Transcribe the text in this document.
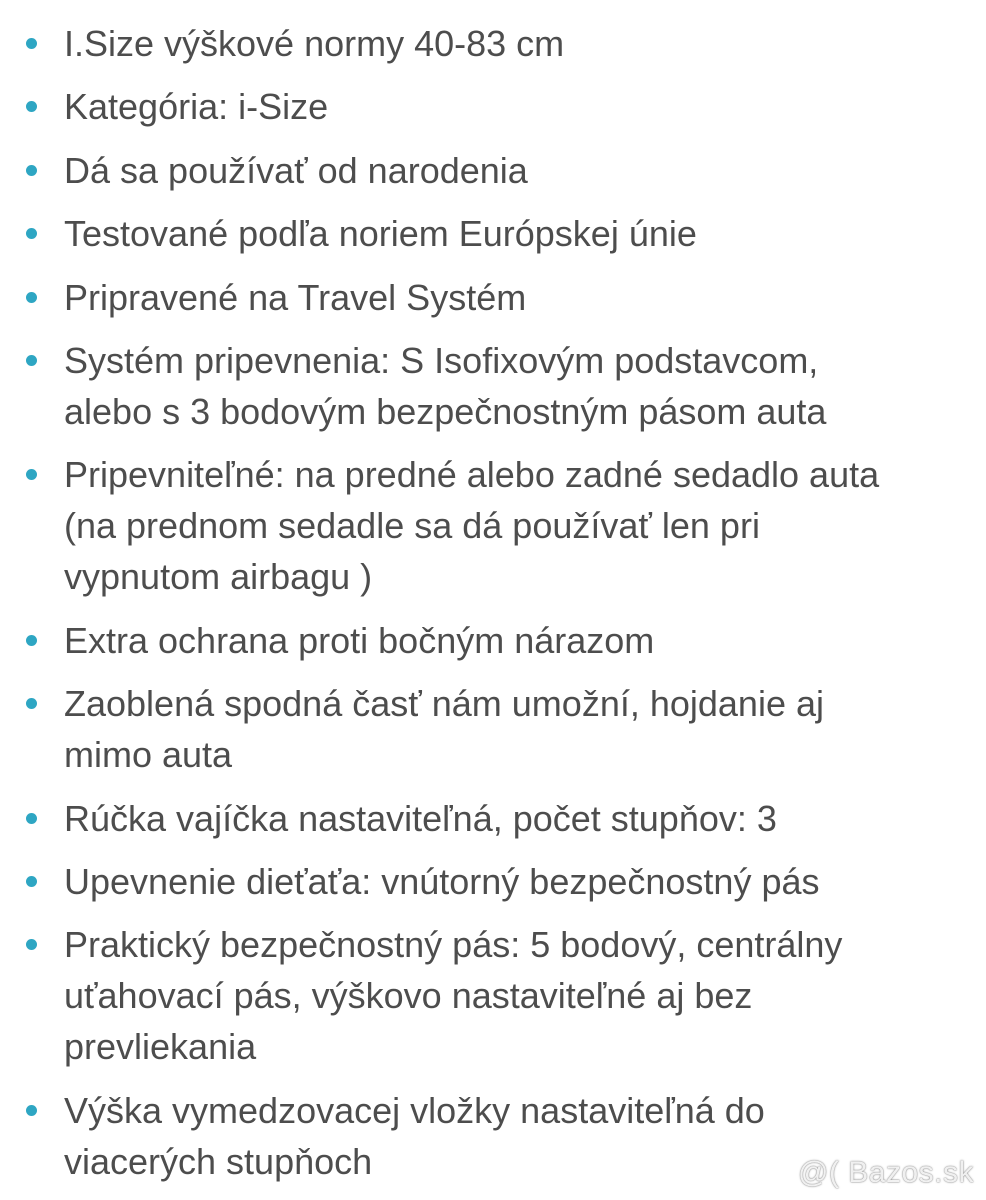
I.Size výškové normy 40-83 cm
Kategória: i-Size
Dá sa používať od narodenia
Testované podľa noriem Európskej únie
Pripravené na Travel Systém
Systém pripevnenia: S Isofixovým podstavcom,
alebo s 3 bodovým bezpečnostným pásom auta
Pripevniteľné: na predné alebo zadné sedadlo auta
(na prednom sedadle sa dá používať len pri
vypnutom airbagu )
Extra ochrana proti bočným nárazom
Zaoblená spodná časť nám umožní, hojdanie aj
mimo auta
Rúčka vajíčka nastaviteľná, počet stupňov: 3
Upevnenie dieťaťa: vnútorný bezpečnostný pás
Praktický bezpečnostný pás: 5 bodový, centrálny
uťahovací pás, výškovo nastaviteľné aj bez
prevliekania
Výška vymedzovacej vložky nastaviteľná do
viacerých stupňoch	@( Bazos.sk
